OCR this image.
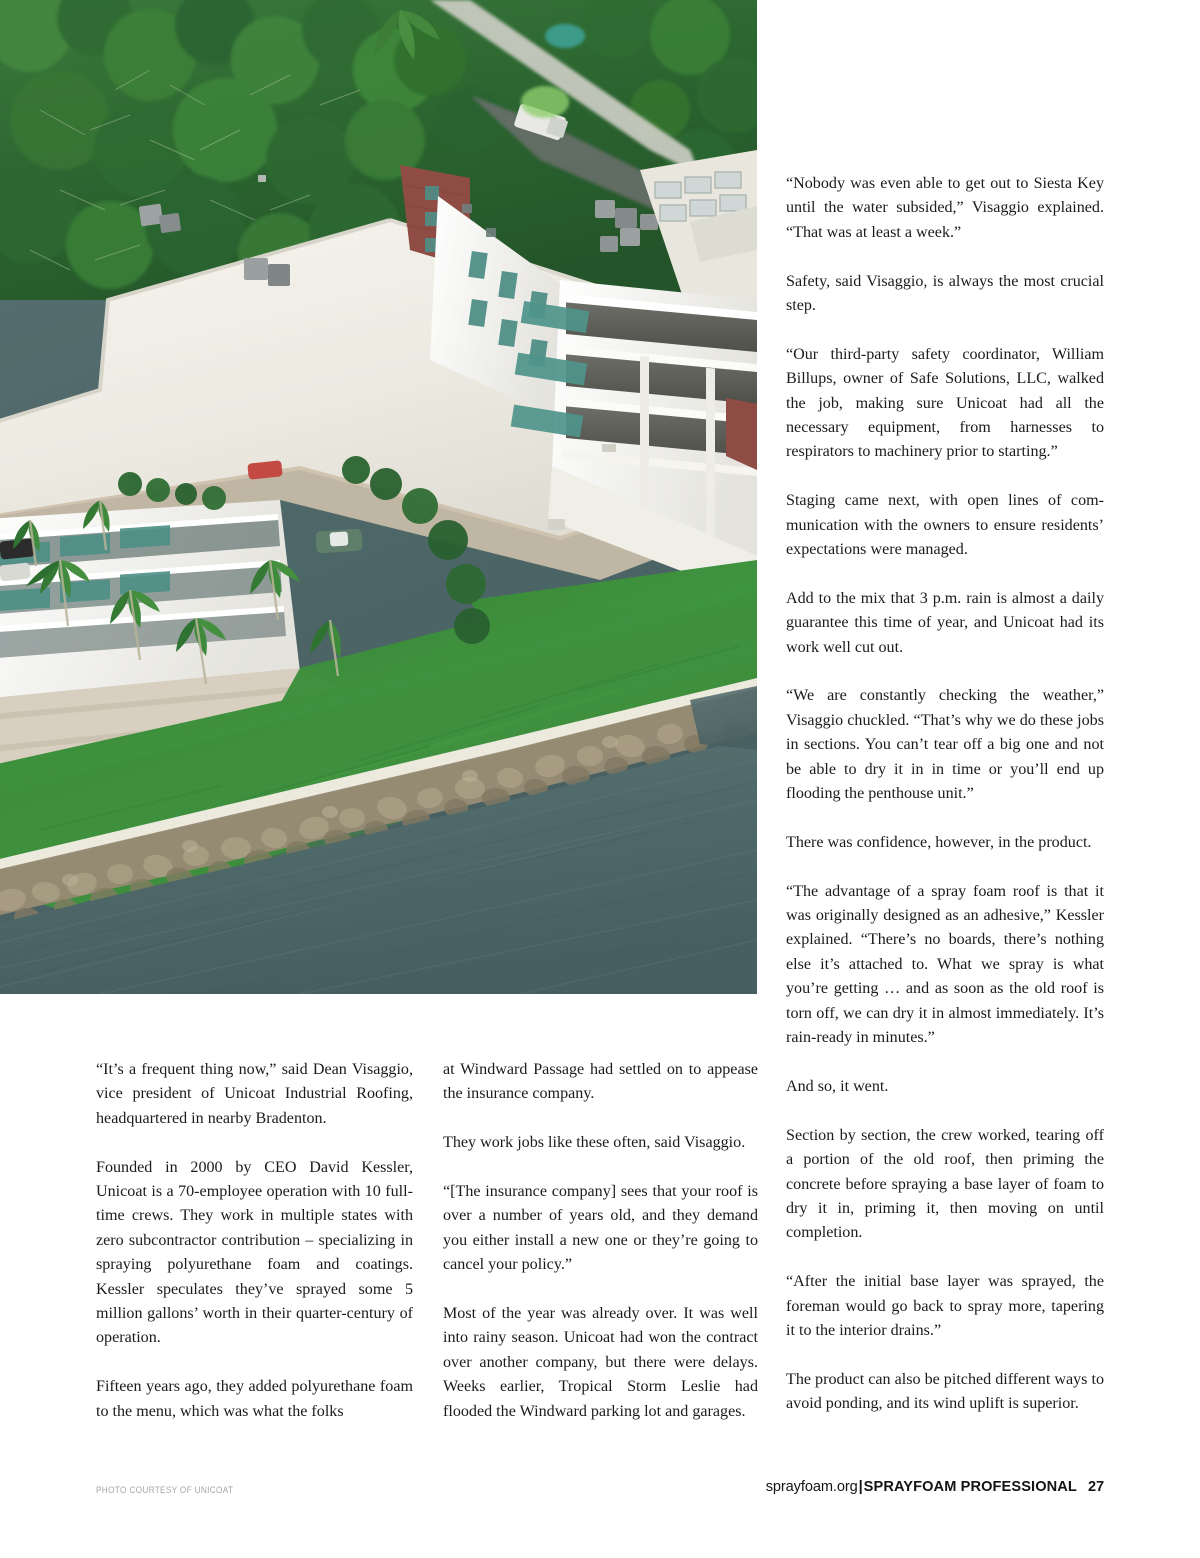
“Nobody was even able to get out to Siesta Key until the water subsided,” Visaggio explained. “That was at least a week.”

Safety, said Visaggio, is always the most crucial step.

“Our third-party safety coordinator, William Billups, owner of Safe Solutions, LLC, walked the job, making sure Unicoat had all the necessary equipment, from harnesses to respirators to machinery prior to starting.”

Staging came next, with open lines of communication with the owners to ensure residents’ expectations were managed.

Add to the mix that 3 p.m. rain is almost a daily guarantee this time of year, and Unicoat had its work well cut out.

“We are constantly checking the weather,” Visaggio chuckled. “That’s why we do these jobs in sections. You can’t tear off a big one and not be able to dry it in in time or you’ll end up flooding the penthouse unit.”

There was confidence, however, in the product.

“The advantage of a spray foam roof is that it was originally designed as an adhesive,” Kessler explained. “There’s no boards, there’s nothing else it’s attached to. What we spray is what you’re getting … and as soon as the old roof is torn off, we can dry it in almost immediately. It’s rain-ready in minutes.”

And so, it went.

Section by section, the crew worked, tearing off a portion of the old roof, then priming the concrete before spraying a base layer of foam to dry it in, priming it, then moving on until completion.

“After the initial base layer was sprayed, the foreman would go back to spray more, tapering it to the interior drains.”

The product can also be pitched different ways to avoid ponding, and its wind uplift is superior.

“It’s a frequent thing now,” said Dean Visaggio, vice president of Unicoat Industrial Roofing, headquartered in nearby Bradenton.

Founded in 2000 by CEO David Kessler, Unicoat is a 70-employee operation with 10 full-time crews. They work in multiple states with zero subcontractor contribution – specializing in spraying polyurethane foam and coatings. Kessler speculates they’ve sprayed some 5 million gallons’ worth in their quarter-century of operation.

Fifteen years ago, they added polyurethane foam to the menu, which was what the folks

at Windward Passage had settled on to appease the insurance company.

They work jobs like these often, said Visaggio.

“[The insurance company] sees that your roof is over a number of years old, and they demand you either install a new one or they’re going to cancel your policy.”

Most of the year was already over. It was well into rainy season. Unicoat had won the contract over another company, but there were delays. Weeks earlier, Tropical Storm Leslie had flooded the Windward parking lot and garages.

PHOTO COURTESY OF UNICOAT	sprayfoam.org|SPRAYFOAM PROFESSIONAL 27
